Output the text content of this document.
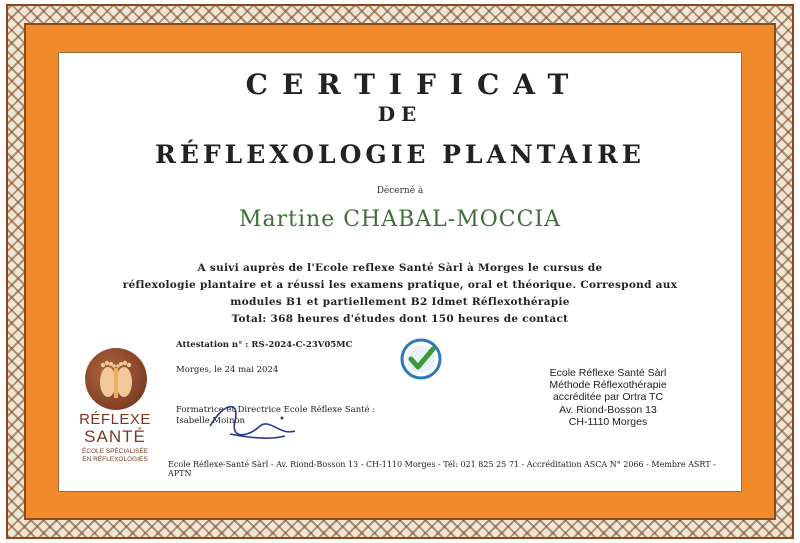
CERTIFICAT
DE
RÉFLEXOLOGIE PLANTAIRE
Décerné à
Martine CHABAL-MOCCIA
A suivi auprès de l'Ecole reflexe Santé Sàrl à Morges le cursus de
réflexologie plantaire et a réussi les examens pratique, oral et théorique. Correspond aux
modules B1 et partiellement B2 Idmet Réflexothérapie
Total: 368 heures d'études dont 150 heures de contact
Attestation n° : RS-2024-C-23V05MC
Morges, le 24 mai 2024
Formatrice et Directrice Ecole Réflexe Santé :
Isabelle Moinon
Ecole Réflexe Santé Sàrl
Méthode Réflexothérapie
accréditée par Ortra TC
Av. Riond-Bosson 13
CH-1110 Morges
Ecole Réflexe-Santé Sàrl - Av. Riond-Bosson 13 - CH-1110 Morges - Tél: 021 825 25 71 - Accréditation ASCA N° 2066 - Membre ASRT - APTN
RÉFLEXE
SANTÉ
ÉCOLE SPÉCIALISÉE
EN RÉFLEXOLOGIES
